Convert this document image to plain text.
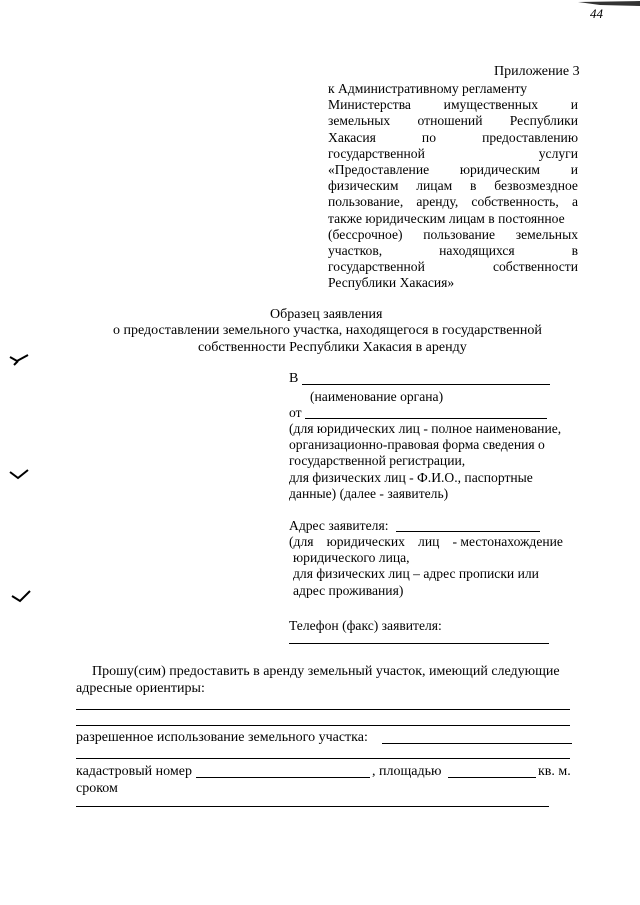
44
Приложение 3
к Административному регламенту
Министерства имущественных и
земельных отношений Республики
Хакасия	по	предоставлению
государственной	услуги
«Предоставление юридическим и
физическим лицам в безвозмездное
пользование, аренду, собственность, а
также юридическим лицам в постоянное
(бессрочное) пользование земельных
участков,	находящихся	в
государственной	собственности
Республики Хакасия»
Образец заявления
о предоставлении земельного участка, находящегося в государственной
собственности Республики Хакасия в аренду
В
(наименование органа)
от
(для юридических лиц - полное наименование,
организационно-правовая форма сведения о
государственной регистрации,
для физических лиц - Ф.И.О., паспортные
данные) (далее - заявитель)
Адрес заявителя:
(для юридических лиц - местонахождение
юридического лица,
для физических лиц – адрес прописки или
адрес проживания)
Телефон (факс) заявителя:
Прошу(сим) предоставить в аренду земельный участок, имеющий следующие
адресные ориентиры:
разрешенное использование земельного участка:
кадастровый номер	, площадью	кв. м.
сроком
